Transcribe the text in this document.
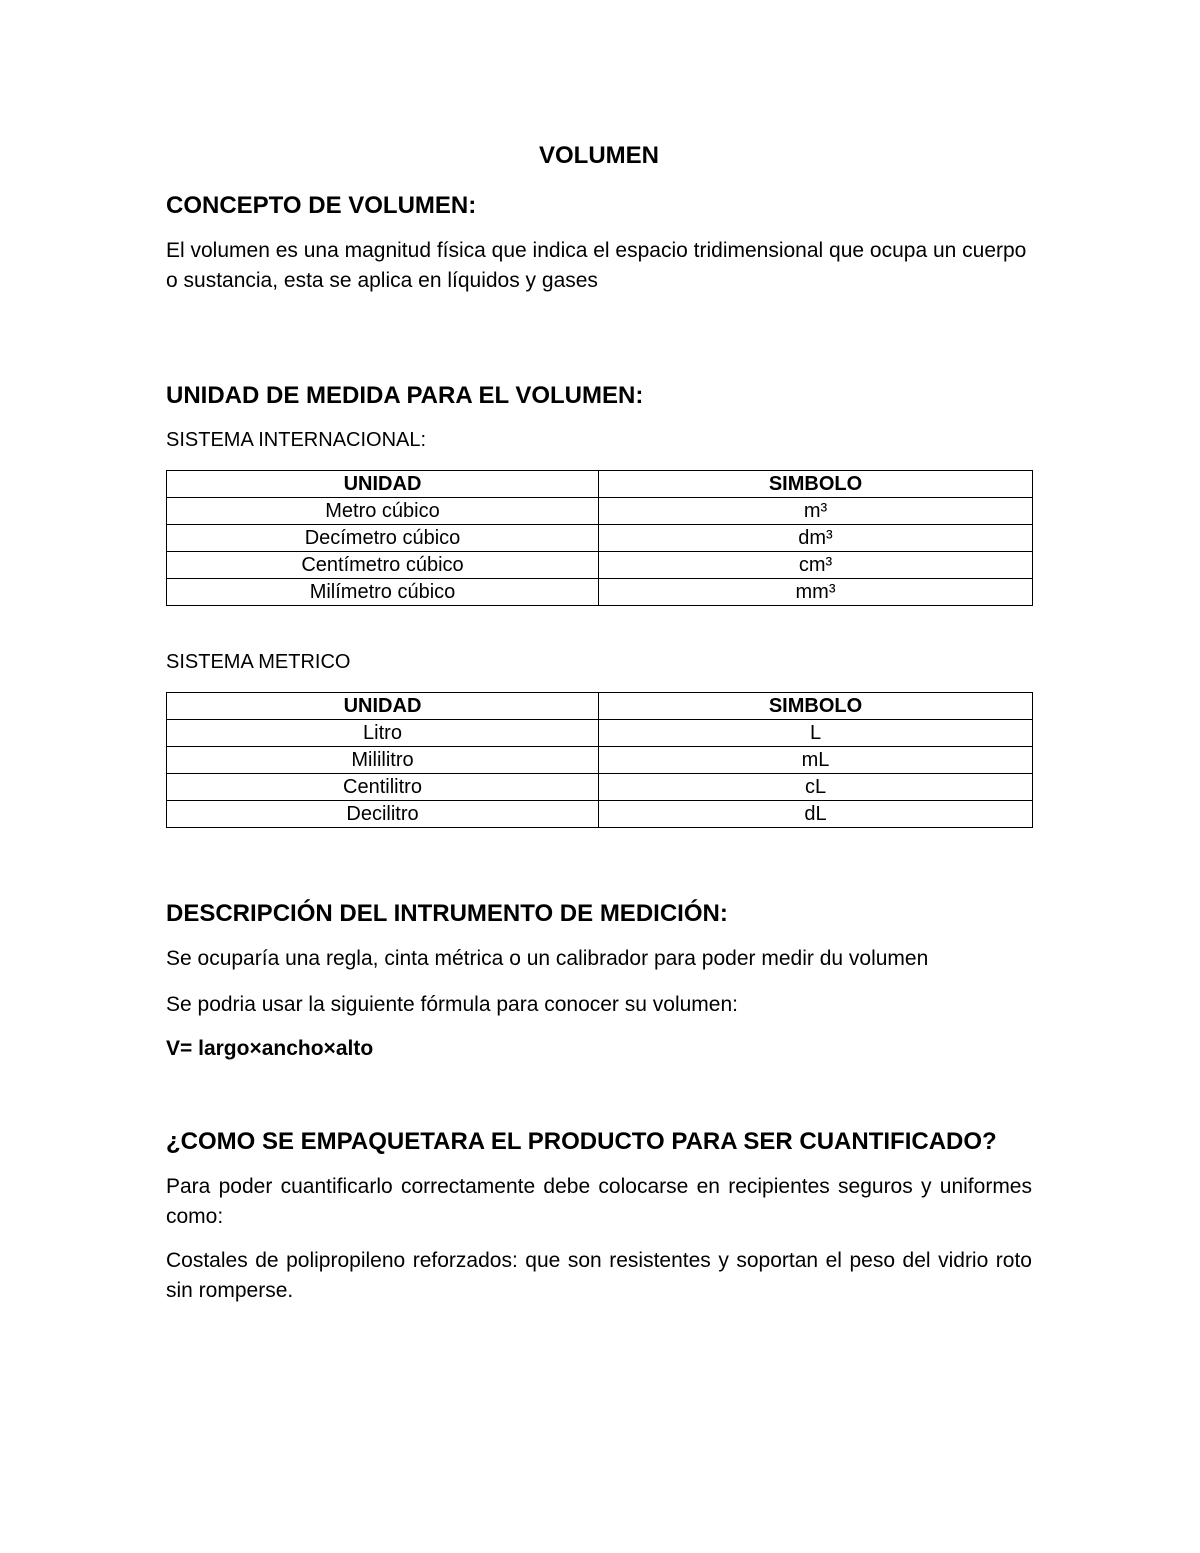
VOLUMEN
CONCEPTO DE VOLUMEN:

El volumen es una magnitud física que indica el espacio tridimensional que ocupa un cuerpo o sustancia, esta se aplica en líquidos y gases

UNIDAD DE MEDIDA PARA EL VOLUMEN:

SISTEMA INTERNACIONAL:

UNIDAD	SIMBOLO
Metro cúbico	m³
Decímetro cúbico	dm³
Centímetro cúbico	cm³
Milímetro cúbico	mm³

SISTEMA METRICO

UNIDAD	SIMBOLO
Litro	L
Mililitro	mL
Centilitro	cL
Decilitro	dL
DESCRIPCIÓN DEL INTRUMENTO DE MEDICIÓN:

Se ocuparía una regla, cinta métrica o un calibrador para poder medir du volumen

Se podria usar la siguiente fórmula para conocer su volumen:

V= largo×ancho×alto

¿COMO SE EMPAQUETARA EL PRODUCTO PARA SER CUANTIFICADO?

Para poder cuantificarlo correctamente debe colocarse en recipientes seguros y uniformes como:

Costales de polipropileno reforzados: que son resistentes y soportan el peso del vidrio roto sin romperse.
